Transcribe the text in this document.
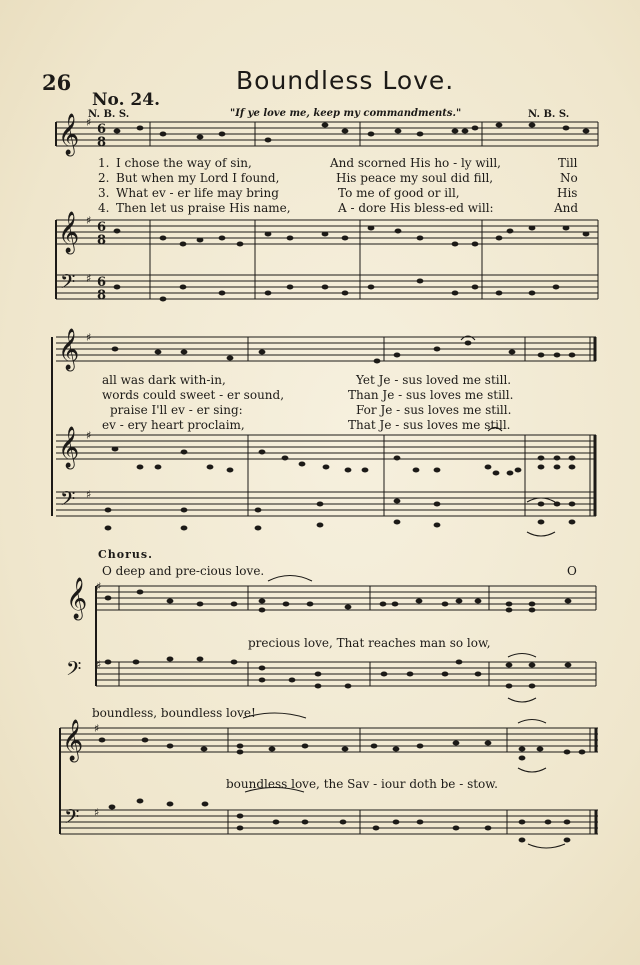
26	Boundless Love.
No. 24.
N. B. S.	"If ye love me, keep my commandments."	N. B. S.
1. I chose the way of sin,	And scorned His ho - ly will,	Till
2. But when my Lord I found,	His peace my soul did fill,	No
3. What ev - er life may bring	To me of good or ill,	His
4. Then let us praise His name,	A - dore His bless-ed will:	And
all was dark with-in,	Yet Je - sus loved me still.
words could sweet - er sound,	Than Je - sus loves me still.
praise I'll ev - er sing:	For Je - sus loves me still.
ev - ery heart proclaim,	That Je - sus loves me still.
Chorus.
O deep and pre-cious love.	O
precious love, That reaches man so low,
boundless, boundless love!
boundless love, the Sav - iour doth be - stow.
𝄞
𝄞
𝄢
𝄞
𝄞
𝄢
𝄞
𝄢
𝄞
𝄢
6
8
6
8
6
8
♯
♯
♯
♯
♯
♯
♯
♯
♯
♯
